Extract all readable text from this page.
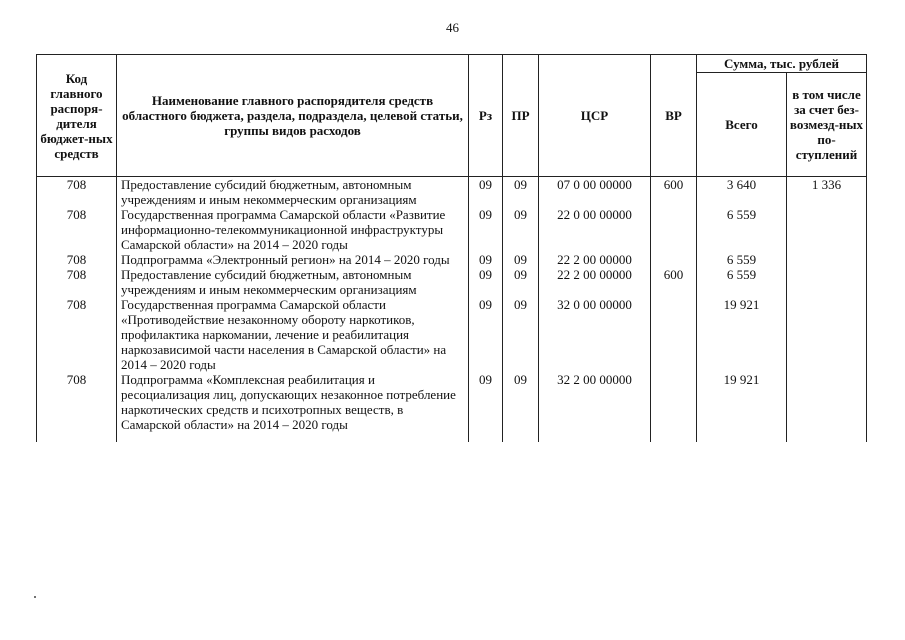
46
Код главного распоря-дителя бюджет-ных средств	Наименование главного распорядителя средств областного бюджета, раздела, подраздела, целевой статьи, группы видов расходов	Рз	ПР	ЦСР	ВР	Сумма, тыс. рублей	
						Всего	в том числе за счет без-возмезд-ных по-ступлений
708	Предоставление субсидий бюджетным, автономным учреждениям и иным некоммерческим организациям	09	09	07 0 00 00000	600	3 640	1 336
708	Государственная программа Самарской области «Развитие информационно-телекоммуникационной инфраструктуры Самарской области» на 2014 – 2020 годы	09	09	22 0 00 00000		6 559	
708	Подпрограмма «Электронный регион» на 2014 – 2020 годы	09	09	22 2 00 00000		6 559	
708	Предоставление субсидий бюджетным, автономным учреждениям и иным некоммерческим организациям	09	09	22 2 00 00000	600	6 559	
708	Государственная программа Самарской области «Противодействие незаконному обороту наркотиков, профилактика наркомании, лечение и реабилитация наркозависимой части населения в Самарской области» на 2014 – 2020 годы	09	09	32 0 00 00000		19 921	
708	Подпрограмма «Комплексная реабилитация и ресоциализация лиц, допускающих незаконное потребление наркотических средств и психотропных веществ, в Самарской области» на 2014 – 2020 годы	09	09	32 2 00 00000		19 921	
